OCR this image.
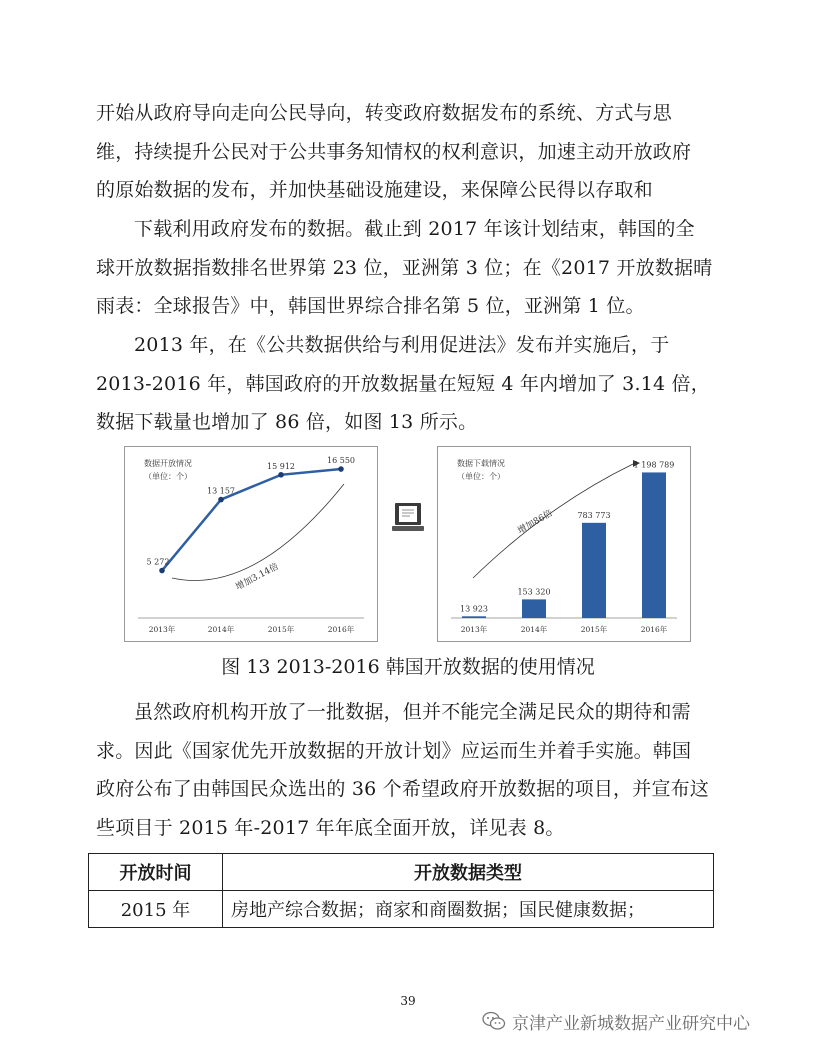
开始从政府导向走向公民导向，转变政府数据发布的系统、方式与思
维，持续提升公民对于公共事务知情权的权利意识，加速主动开放政府
的原始数据的发布，并加快基础设施建设，来保障公民得以存取和
下载利用政府发布的数据。截止到 2017 年该计划结束，韩国的全
球开放数据指数排名世界第 23 位，亚洲第 3 位；在《2017 开放数据晴
雨表：全球报告》中，韩国世界综合排名第 5 位，亚洲第 1 位。
2013 年，在《公共数据供给与利用促进法》发布并实施后，于
2013-2016 年，韩国政府的开放数据量在短短 4 年内增加了 3.14 倍，
数据下载量也增加了 86 倍，如图 13 所示。
数据开放情况
（单位：个）
5 272
2013年
13 157
2014年
15 912
2015年
16 550
2016年
增加3.14倍
数据下载情况
（单位：个）
增加86倍
13 923
2013年
153 320
2014年
783 773
2015年
1 198 789
2016年
图 13 2013-2016 韩国开放数据的使用情况
虽然政府机构开放了一批数据，但并不能完全满足民众的期待和需
求。因此《国家优先开放数据的开放计划》应运而生并着手实施。韩国
政府公布了由韩国民众选出的 36 个希望政府开放数据的项目，并宣布这
些项目于 2015 年-2017 年年底全面开放，详见表 8。
开放时间	开放数据类型
2015 年	房地产综合数据；商家和商圈数据；国民健康数据；
39
京津产业新城数据产业研究中心
